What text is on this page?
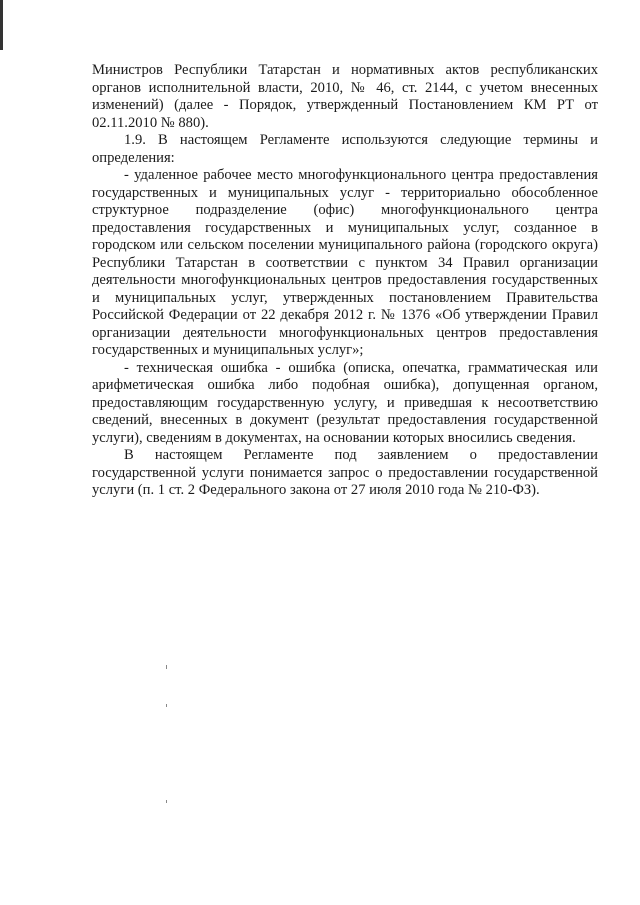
Министров Республики Татарстан и нормативных актов республиканских органов исполнительной власти, 2010, № 46, ст. 2144, с учетом внесенных изменений) (далее - Порядок, утвержденный Постановлением КМ РТ от 02.11.2010 № 880).

1.9. В настоящем Регламенте используются следующие термины и определения:

- удаленное рабочее место многофункционального центра предоставления государственных и муниципальных услуг - территориально обособленное структурное подразделение (офис) многофункционального центра предоставления государственных и муниципальных услуг, созданное в городском или сельском поселении муниципального района (городского округа) Республики Татарстан в соответствии с пунктом 34 Правил организации деятельности многофункциональных центров предоставления государственных и муниципальных услуг, утвержденных постановлением Правительства Российской Федерации от 22 декабря 2012 г. № 1376 «Об утверждении Правил организации деятельности многофункциональных центров предоставления государственных и муниципальных услуг»;

- техническая ошибка - ошибка (описка, опечатка, грамматическая или арифметическая ошибка либо подобная ошибка), допущенная органом, предоставляющим государственную услугу, и приведшая к несоответствию сведений, внесенных в документ (результат предоставления государственной услуги), сведениям в документах, на основании которых вносились сведения.

В настоящем Регламенте под заявлением о предоставлении государственной услуги понимается запрос о предоставлении государственной услуги (п. 1 ст. 2 Федерального закона от 27 июля 2010 года № 210-ФЗ).
